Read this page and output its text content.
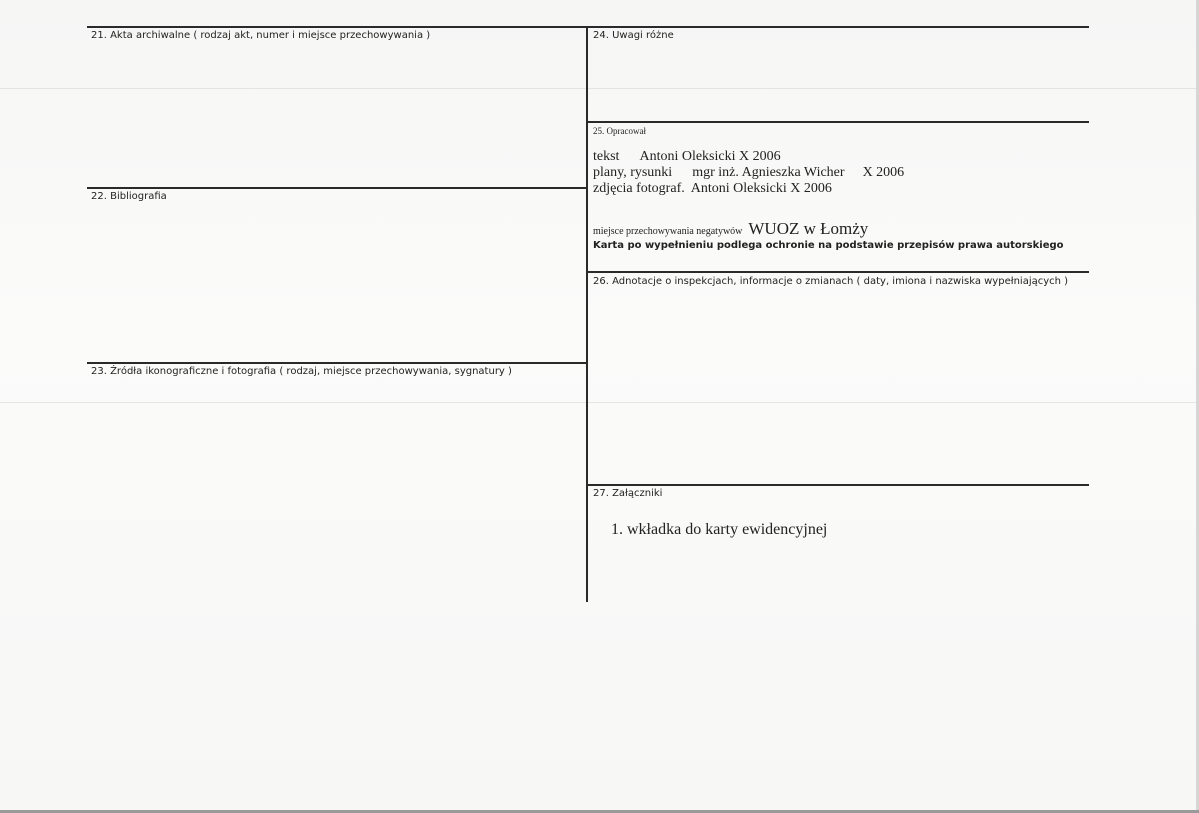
21. Akta archiwalne ( rodzaj akt, numer i miejsce przechowywania )
22. Bibliografia
23. Źródła ikonograficzne i fotografia ( rodzaj, miejsce przechowywania, sygnatury )
24. Uwagi różne
25. Opracował
tekst Antoni Oleksicki X 2006
plany, rysunki mgr inż. Agnieszka Wicher X 2006
zdjęcia fotograf. Antoni Oleksicki X 2006
miejsce przechowywania negatywów WUOZ w Łomży
Karta po wypełnieniu podlega ochronie na podstawie przepisów prawa autorskiego
26. Adnotacje o inspekcjach, informacje o zmianach ( daty, imiona i nazwiska wypełniających )
27. Załączniki
1. wkładka do karty ewidencyjnej
